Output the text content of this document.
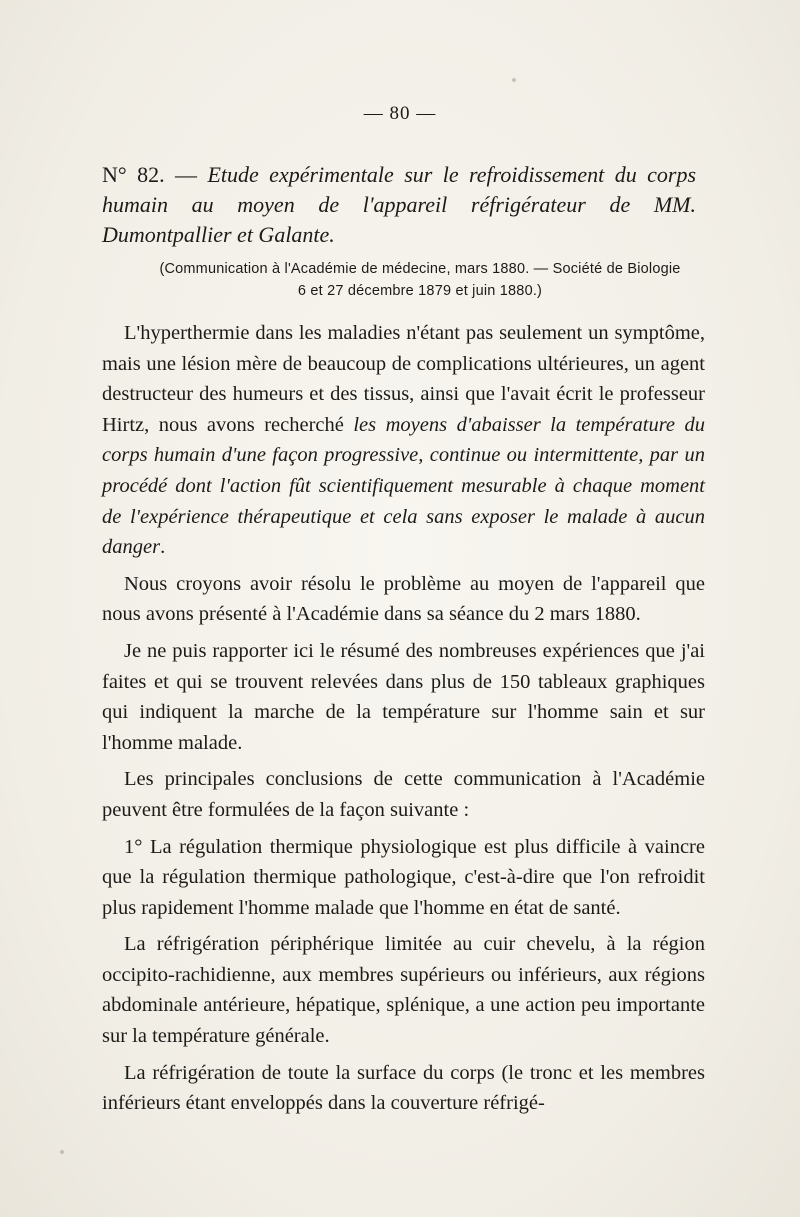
— 80 —
N° 82. — Etude expérimentale sur le refroidissement du corps humain au moyen de l'appareil réfrigérateur de MM. Dumontpallier et Galante.
(Communication à l'Académie de médecine, mars 1880. — Société de Biologie
6 et 27 décembre 1879 et juin 1880.)

L'hyperthermie dans les maladies n'étant pas seulement un symptôme, mais une lésion mère de beaucoup de complications ultérieures, un agent destructeur des humeurs et des tissus, ainsi que l'avait écrit le professeur Hirtz, nous avons recherché les moyens d'abaisser la température du corps humain d'une façon progressive, continue ou intermittente, par un procédé dont l'action fût scientifiquement mesurable à chaque moment de l'expérience thérapeutique et cela sans exposer le malade à aucun danger.

Nous croyons avoir résolu le problème au moyen de l'appareil que nous avons présenté à l'Académie dans sa séance du 2 mars 1880.

Je ne puis rapporter ici le résumé des nombreuses expériences que j'ai faites et qui se trouvent relevées dans plus de 150 tableaux graphiques qui indiquent la marche de la température sur l'homme sain et sur l'homme malade.

Les principales conclusions de cette communication à l'Académie peuvent être formulées de la façon suivante :

1° La régulation thermique physiologique est plus difficile à vaincre que la régulation thermique pathologique, c'est-à-dire que l'on refroidit plus rapidement l'homme malade que l'homme en état de santé.

La réfrigération périphérique limitée au cuir chevelu, à la région occipito-rachidienne, aux membres supérieurs ou inférieurs, aux régions abdominale antérieure, hépatique, splénique, a une action peu importante sur la température générale.

La réfrigération de toute la surface du corps (le tronc et les membres inférieurs étant enveloppés dans la couverture réfrigé-
